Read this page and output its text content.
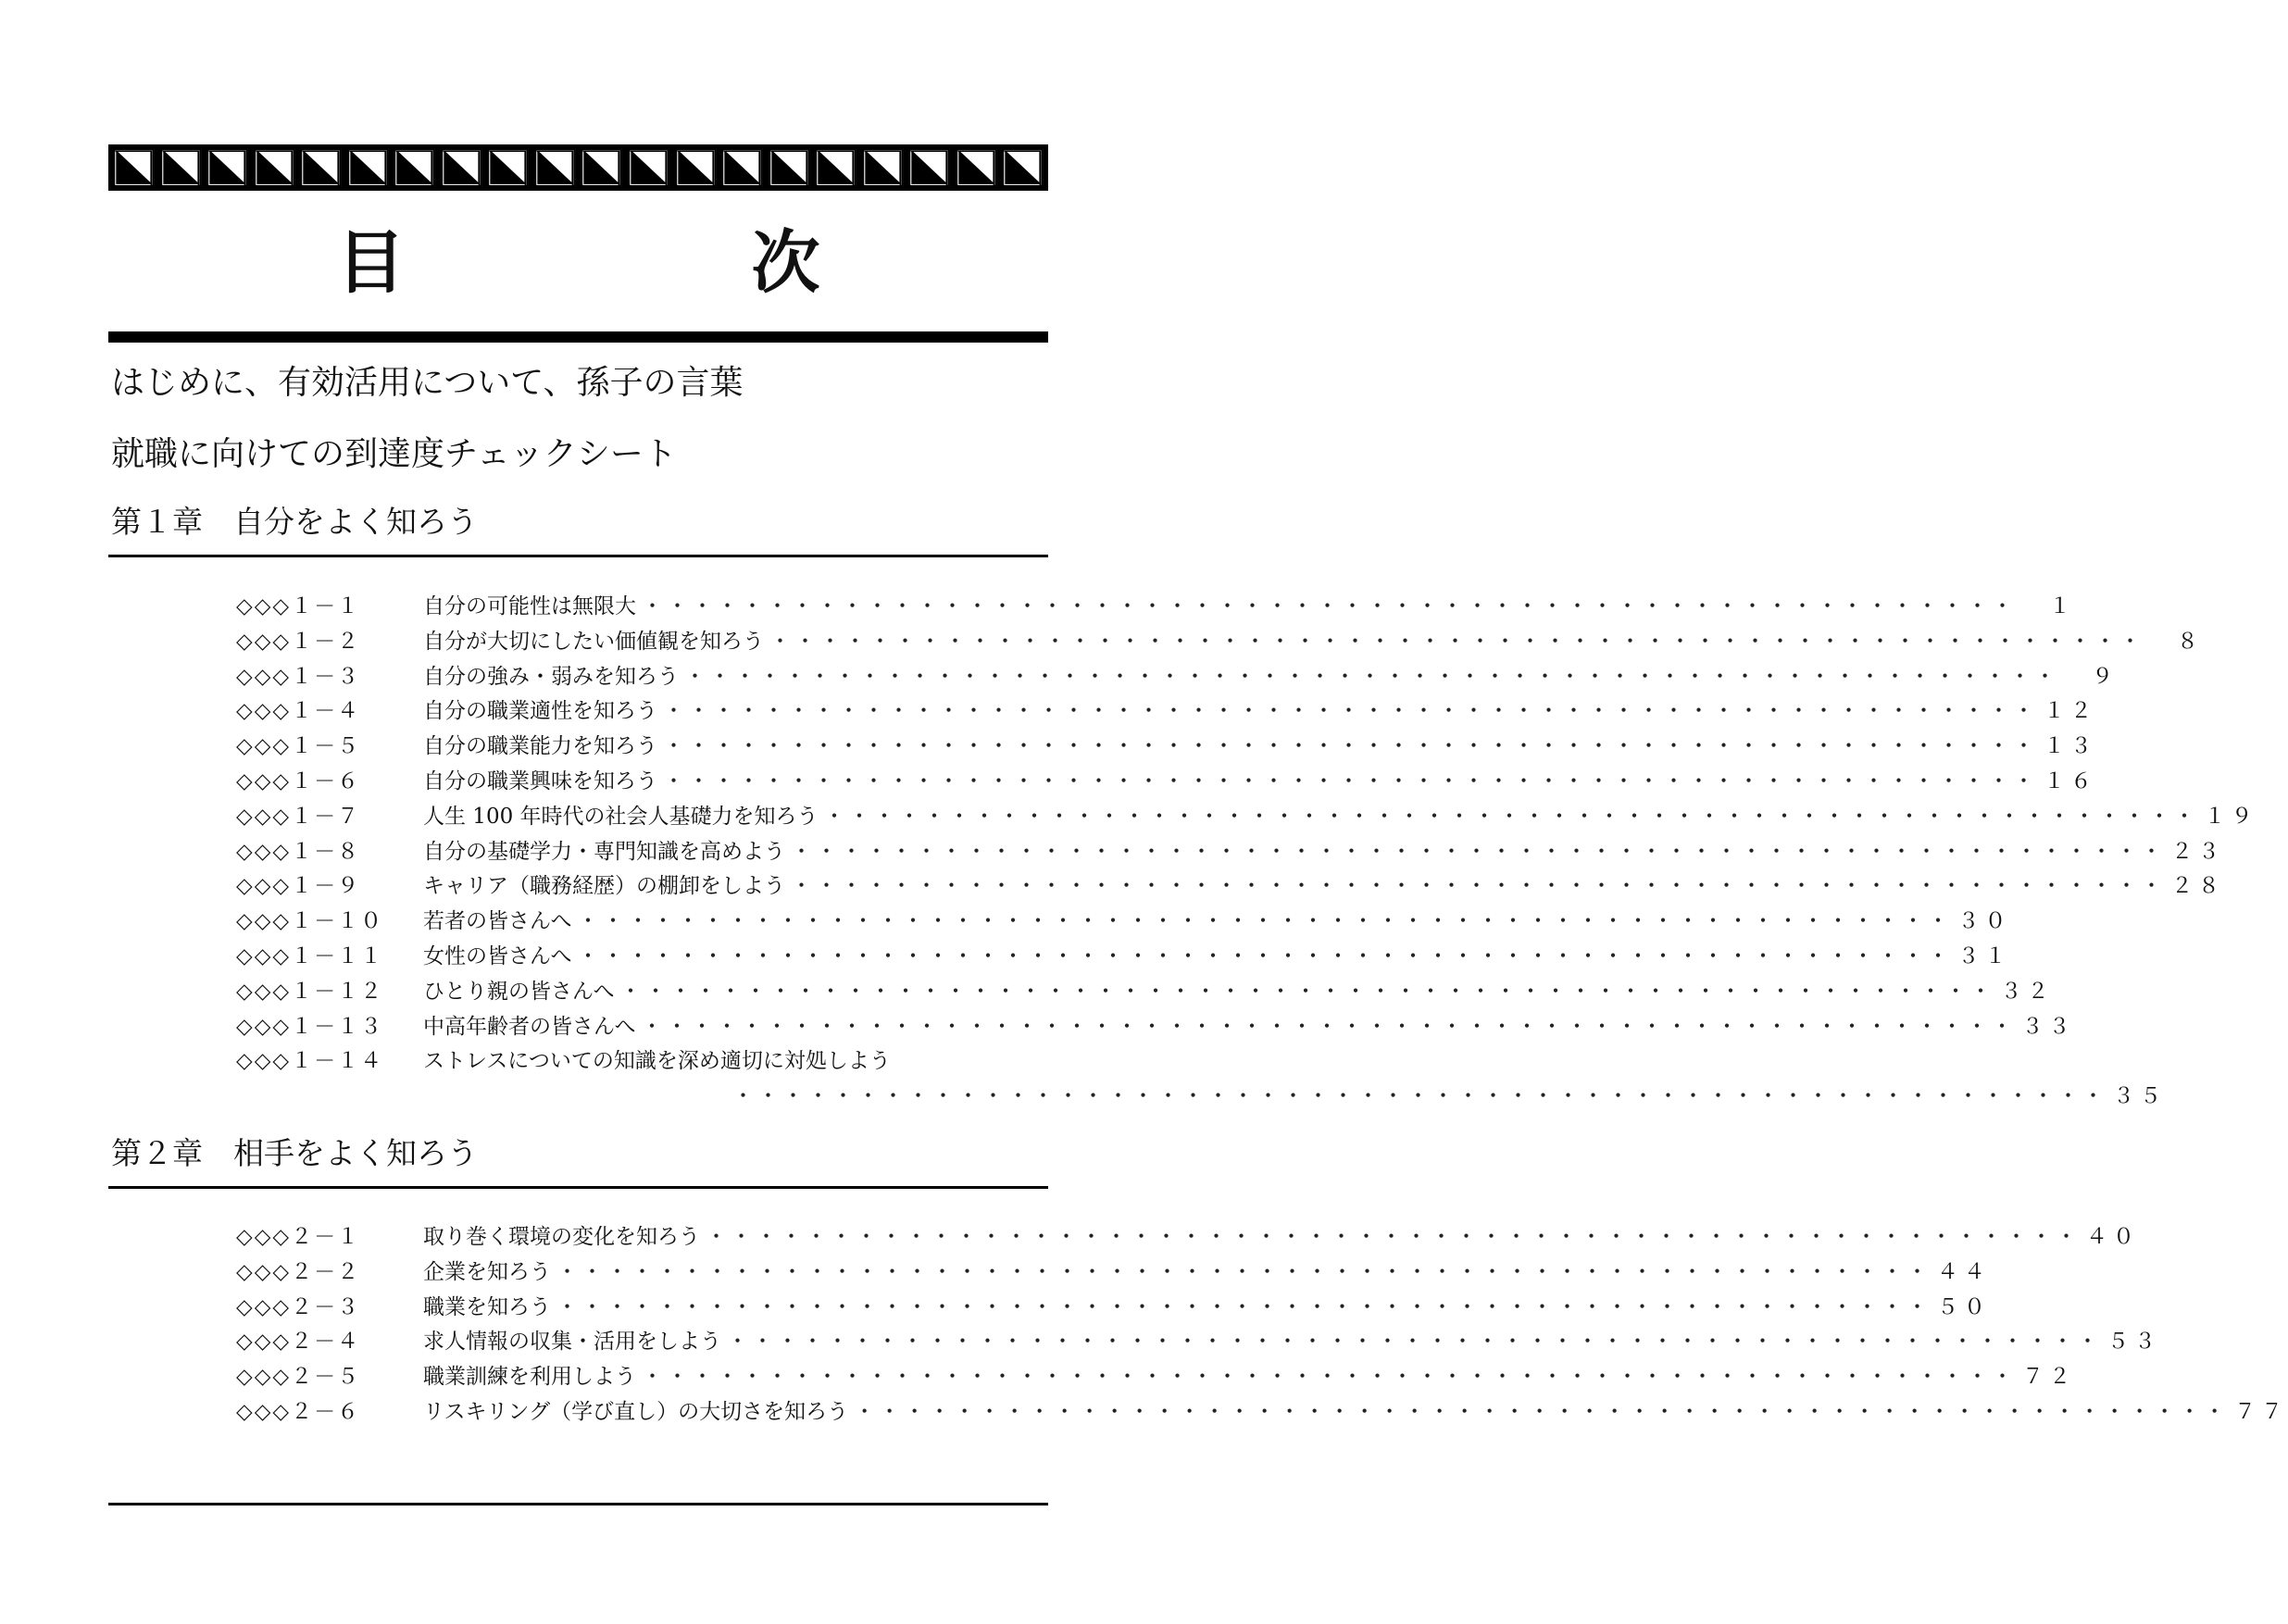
目　次
はじめに、有効活用について、孫子の言葉
就職に向けての到達度チェックシート
第１章　自分をよく知ろう
◇◇◇１－１	自分の可能性は無限大 ・・・・・・・・・・・・・・・・・・・・・・・・・・・・・・・・・・・・・・・・・・・・・・・・・・・・・・・	１
◇◇◇１－２	自分が大切にしたい価値観を知ろう ・・・・・・・・・・・・・・・・・・・・・・・・・・・・・・・・・・・・・・・・・・・・・・・・・・・・・・・	８
◇◇◇１－３	自分の強み・弱みを知ろう ・・・・・・・・・・・・・・・・・・・・・・・・・・・・・・・・・・・・・・・・・・・・・・・・・・・・・・・	９
◇◇◇１－４	自分の職業適性を知ろう ・・・・・・・・・・・・・・・・・・・・・・・・・・・・・・・・・・・・・・・・・・・・・・・・・・・・・・・ １２
◇◇◇１－５	自分の職業能力を知ろう ・・・・・・・・・・・・・・・・・・・・・・・・・・・・・・・・・・・・・・・・・・・・・・・・・・・・・・・ １３
◇◇◇１－６	自分の職業興味を知ろう ・・・・・・・・・・・・・・・・・・・・・・・・・・・・・・・・・・・・・・・・・・・・・・・・・・・・・・・ １６
◇◇◇１－７	人生 100 年時代の社会人基礎力を知ろう ・・・・・・・・・・・・・・・・・・・・・・・・・・・・・・・・・・・・・・・・・・・・・・・・・・・・・・・ １９
◇◇◇１－８	自分の基礎学力・専門知識を高めよう ・・・・・・・・・・・・・・・・・・・・・・・・・・・・・・・・・・・・・・・・・・・・・・・・・・・・・・・ ２３
◇◇◇１－９	キャリア（職務経歴）の棚卸をしよう ・・・・・・・・・・・・・・・・・・・・・・・・・・・・・・・・・・・・・・・・・・・・・・・・・・・・・・・ ２８
◇◇◇１－１０ 若者の皆さんへ ・・・・・・・・・・・・・・・・・・・・・・・・・・・・・・・・・・・・・・・・・・・・・・・・・・・・・・・ ３０
◇◇◇１－１１ 女性の皆さんへ ・・・・・・・・・・・・・・・・・・・・・・・・・・・・・・・・・・・・・・・・・・・・・・・・・・・・・・・ ３１
◇◇◇１－１２ ひとり親の皆さんへ ・・・・・・・・・・・・・・・・・・・・・・・・・・・・・・・・・・・・・・・・・・・・・・・・・・・・・・・ ３２
◇◇◇１－１３ 中高年齢者の皆さんへ ・・・・・・・・・・・・・・・・・・・・・・・・・・・・・・・・・・・・・・・・・・・・・・・・・・・・・・・ ３３
◇◇◇１－１４ ストレスについての知識を深め適切に対処しよう
・・・・・・・・・・・・・・・・・・・・・・・・・・・・・・・・・・・・・・・・・・・・・・・・・・・・・・・ ３５
第２章　相手をよく知ろう
◇◇◇２－１	取り巻く環境の変化を知ろう ・・・・・・・・・・・・・・・・・・・・・・・・・・・・・・・・・・・・・・・・・・・・・・・・・・・・・・・ ４０
◇◇◇２－２	企業を知ろう ・・・・・・・・・・・・・・・・・・・・・・・・・・・・・・・・・・・・・・・・・・・・・・・・・・・・・・・ ４４
◇◇◇２－３	職業を知ろう ・・・・・・・・・・・・・・・・・・・・・・・・・・・・・・・・・・・・・・・・・・・・・・・・・・・・・・・ ５０
◇◇◇２－４	求人情報の収集・活用をしよう ・・・・・・・・・・・・・・・・・・・・・・・・・・・・・・・・・・・・・・・・・・・・・・・・・・・・・・・ ５３
◇◇◇２－５	職業訓練を利用しよう ・・・・・・・・・・・・・・・・・・・・・・・・・・・・・・・・・・・・・・・・・・・・・・・・・・・・・・・ ７２
◇◇◇２－６	リスキリング（学び直し）の大切さを知ろう ・・・・・・・・・・・・・・・・・・・・・・・・・・・・・・・・・・・・・・・・・・・・・・・・・・・・・・・ ７７
